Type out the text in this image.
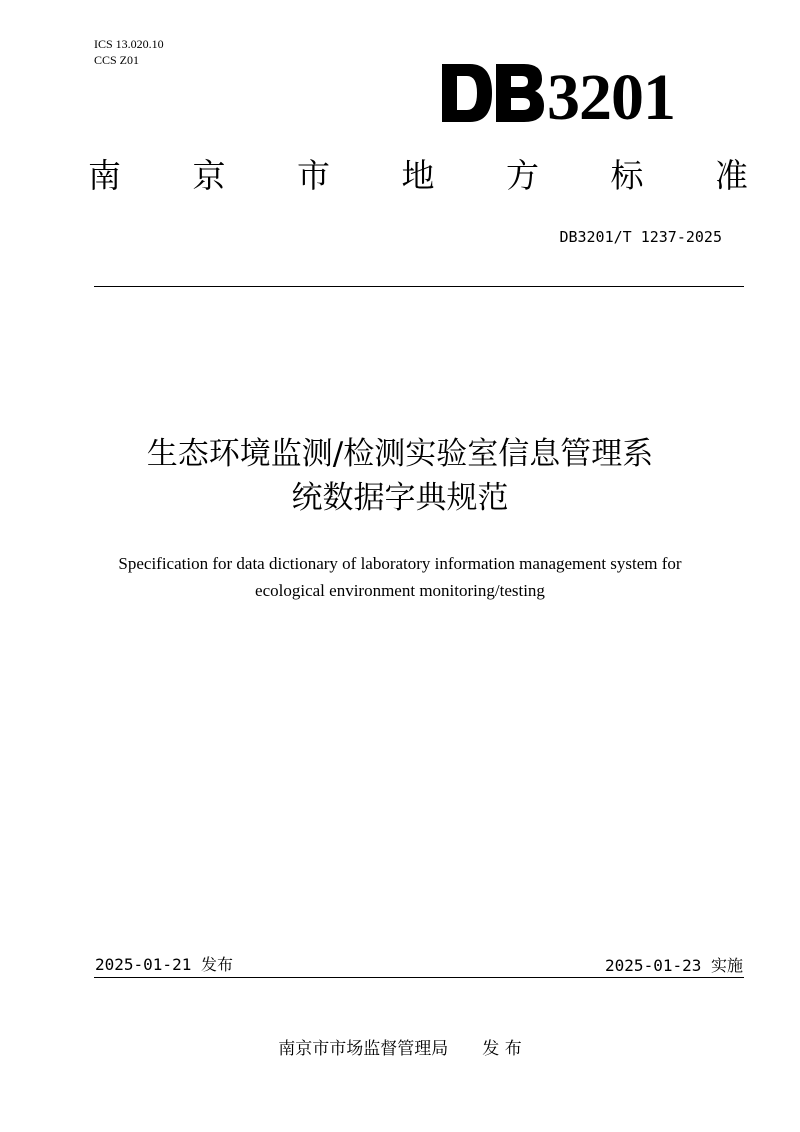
ICS 13.020.10
CCS Z01
3201
南 京 市 地 方 标 准
DB3201/T 1237-2025
生态环境监测/检测实验室信息管理系
统数据字典规范
Specification for data dictionary of laboratory information management system for
ecological environment monitoring/testing
2025-01-21 发布	2025-01-23 实施
南京市市场监督管理局 发 布
